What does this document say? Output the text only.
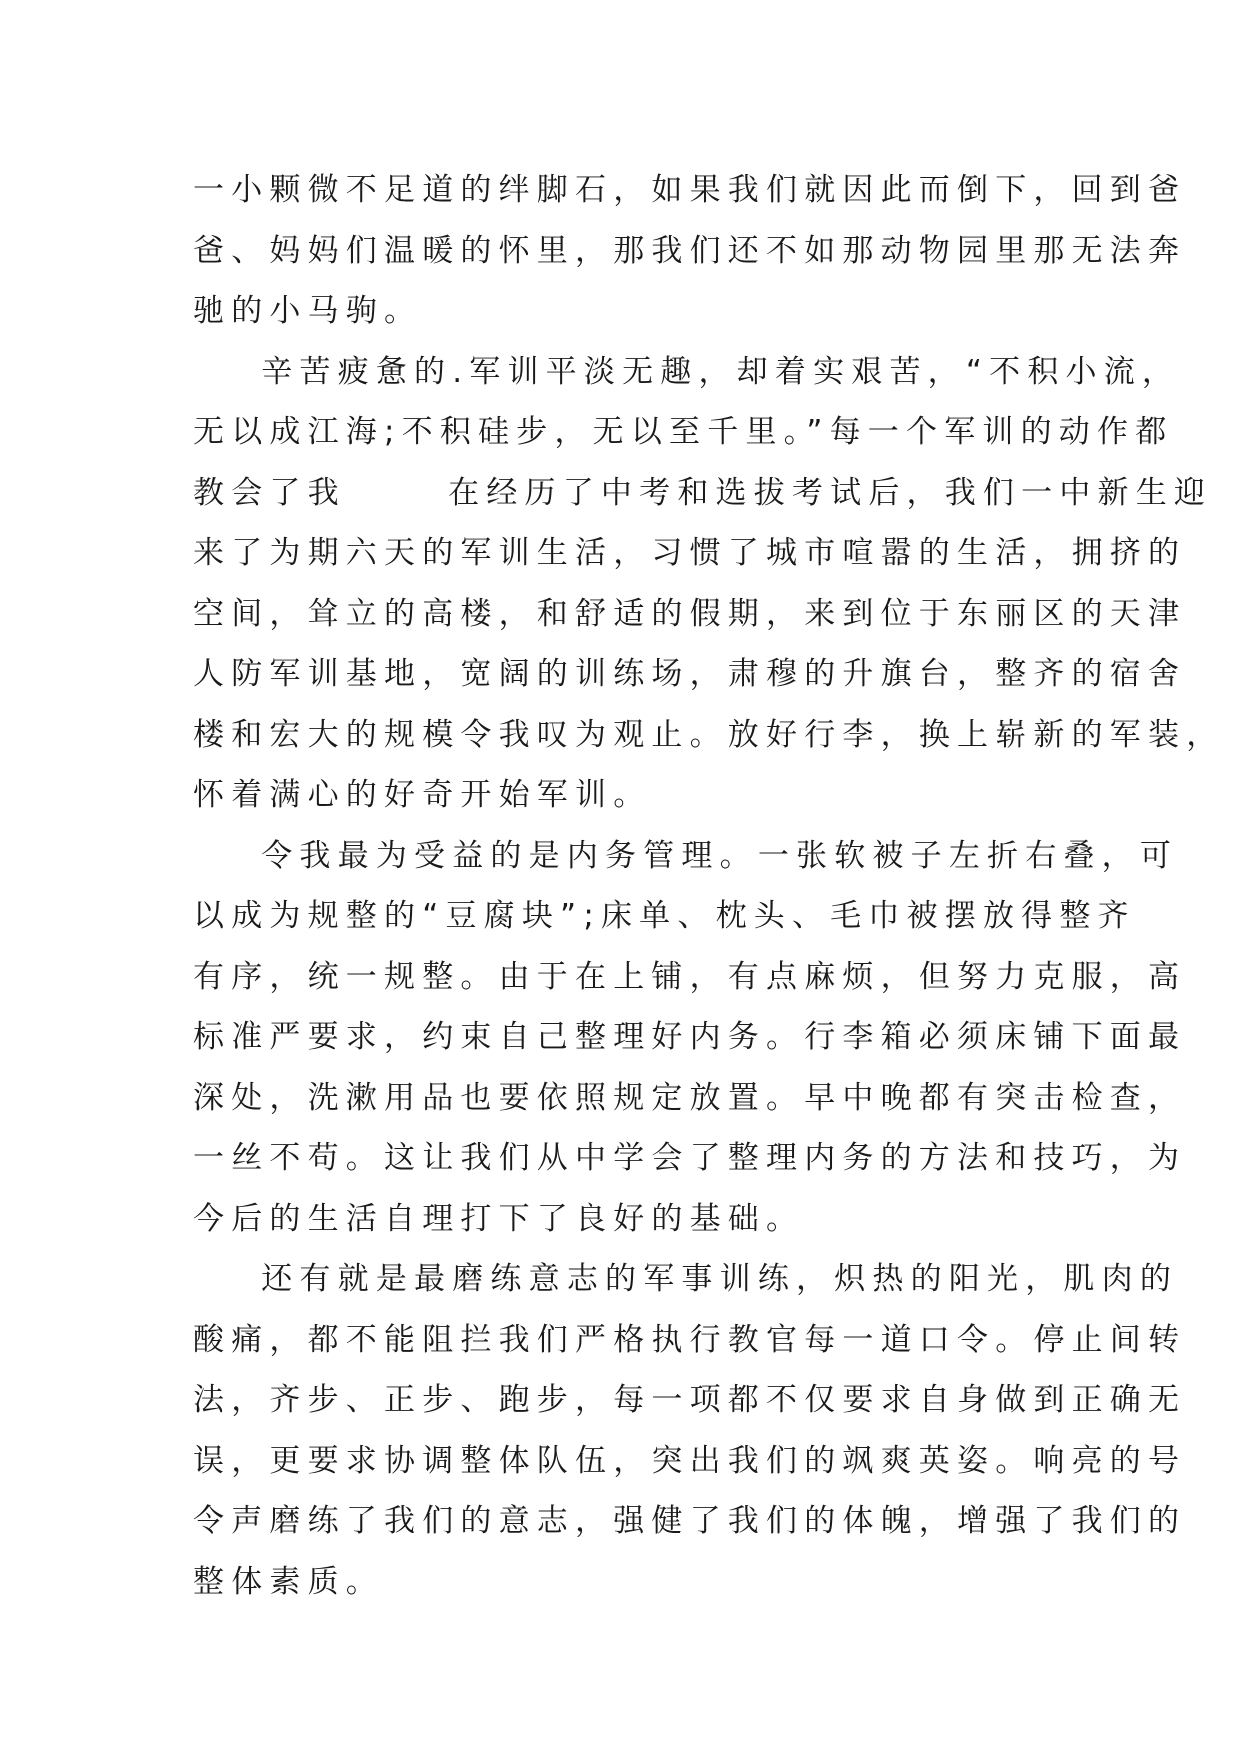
一小颗微不足道的绊脚石，如果我们就因此而倒下，回到爸
爸、妈妈们温暖的怀里，那我们还不如那动物园里那无法奔
驰的小马驹。
辛苦疲惫的.军训平淡无趣，却着实艰苦，“不积小流，
无以成江海;不积硅步，无以至千里。”每一个军训的动作都
教会了我      在经历了中考和选拔考试后，我们一中新生迎
来了为期六天的军训生活，习惯了城市喧嚣的生活，拥挤的
空间，耸立的高楼，和舒适的假期，来到位于东丽区的天津
人防军训基地，宽阔的训练场，肃穆的升旗台，整齐的宿舍
楼和宏大的规模令我叹为观止。放好行李，换上崭新的军装，
怀着满心的好奇开始军训。
令我最为受益的是内务管理。一张软被子左折右叠，可
以成为规整的“豆腐块”;床单、枕头、毛巾被摆放得整齐
有序，统一规整。由于在上铺，有点麻烦，但努力克服，高
标准严要求，约束自己整理好内务。行李箱必须床铺下面最
深处，洗漱用品也要依照规定放置。早中晚都有突击检查，
一丝不苟。这让我们从中学会了整理内务的方法和技巧，为
今后的生活自理打下了良好的基础。
还有就是最磨练意志的军事训练，炽热的阳光，肌肉的
酸痛，都不能阻拦我们严格执行教官每一道口令。停止间转
法，齐步、正步、跑步，每一项都不仅要求自身做到正确无
误，更要求协调整体队伍，突出我们的飒爽英姿。响亮的号
令声磨练了我们的意志，强健了我们的体魄，增强了我们的
整体素质。
